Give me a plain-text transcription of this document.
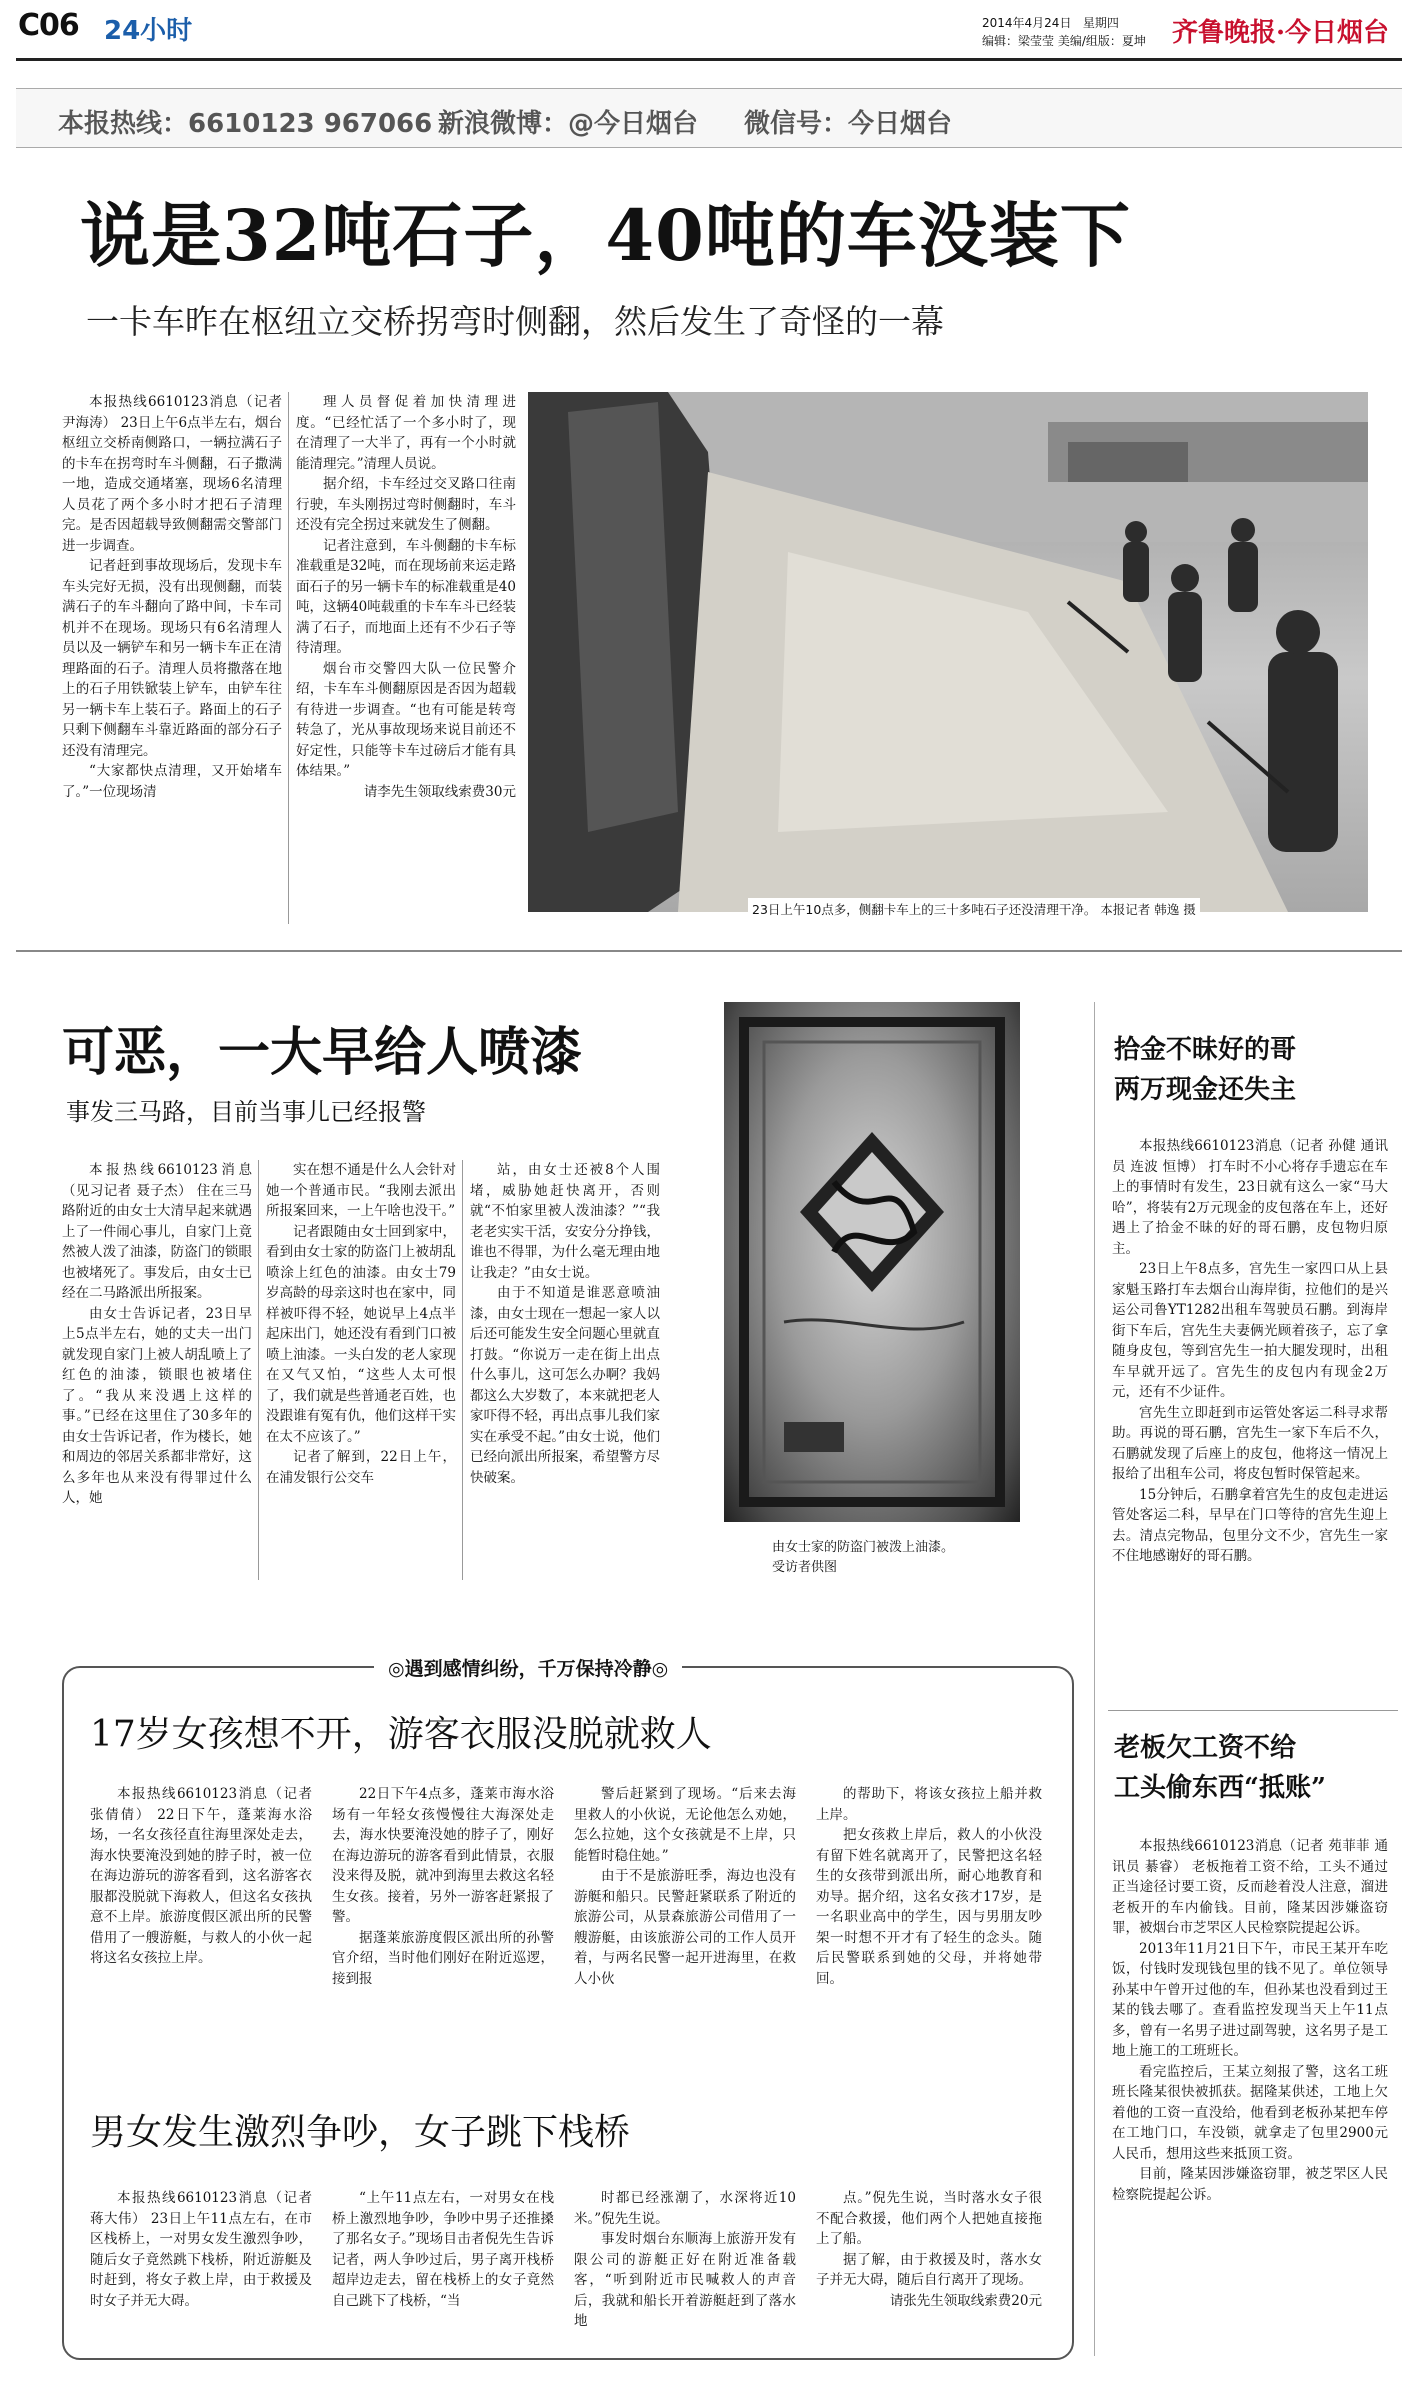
C06 24小时	2014年4月24日 星期四
编辑：梁莹莹 美编/组版：夏坤 齐鲁晚报·今日烟台
本报热线：6610123 967066 新浪微博：@今日烟台 微信号：今日烟台
说是32吨石子，40吨的车没装下
一卡车昨在枢纽立交桥拐弯时侧翻，然后发生了奇怪的一幕

本报热线6610123消息（记者 尹海涛） 23日上午6点半左右，烟台枢纽立交桥南侧路口，一辆拉满石子的卡车在拐弯时车斗侧翻，石子撒满一地，造成交通堵塞，现场6名清理人员花了两个多小时才把石子清理完。是否因超载导致侧翻需交警部门进一步调查。

记者赶到事故现场后，发现卡车车头完好无损，没有出现侧翻，而装满石子的车斗翻向了路中间，卡车司机并不在现场。现场只有6名清理人员以及一辆铲车和另一辆卡车正在清理路面的石子。清理人员将撒落在地上的石子用铁锨装上铲车，由铲车往另一辆卡车上装石子。路面上的石子只剩下侧翻车斗靠近路面的部分石子还没有清理完。

“大家都快点清理，又开始堵车了。”一位现场清

理人员督促着加快清理进度。“已经忙活了一个多小时了，现在清理了一大半了，再有一个小时就能清理完。”清理人员说。

据介绍，卡车经过交叉路口往南行驶，车头刚拐过弯时侧翻时，车斗还没有完全拐过来就发生了侧翻。

记者注意到，车斗侧翻的卡车标准载重是32吨，而在现场前来运走路面石子的另一辆卡车的标准载重是40吨，这辆40吨载重的卡车车斗已经装满了石子，而地面上还有不少石子等待清理。

烟台市交警四大队一位民警介绍，卡车车斗侧翻原因是否因为超载有待进一步调查。“也有可能是转弯转急了，光从事故现场来说目前还不好定性，只能等卡车过磅后才能有具体结果。”

请李先生领取线索费30元

23日上午10点多，侧翻卡车上的三十多吨石子还没清理干净。 本报记者 韩逸 摄
可恶，一大早给人喷漆
事发三马路，目前当事儿已经报警

本报热线6610123消息（见习记者 聂子杰） 住在三马路附近的由女士大清早起来就遇上了一件闹心事儿，自家门上竟然被人泼了油漆，防盗门的锁眼也被堵死了。事发后，由女士已经在二马路派出所报案。

由女士告诉记者，23日早上5点半左右，她的丈夫一出门就发现自家门上被人胡乱喷上了红色的油漆，锁眼也被堵住了。“我从来没遇上这样的事。”已经在这里住了30多年的由女士告诉记者，作为楼长，她和周边的邻居关系都非常好，这么多年也从来没有得罪过什么人，她

实在想不通是什么人会针对她一个普通市民。“我刚去派出所报案回来，一上午啥也没干。”

记者跟随由女士回到家中，看到由女士家的防盗门上被胡乱喷涂上红色的油漆。由女士79岁高龄的母亲这时也在家中，同样被吓得不轻，她说早上4点半起床出门，她还没有看到门口被喷上油漆。一头白发的老人家现在又气又怕，“这些人太可恨了，我们就是些普通老百姓，也没跟谁有冤有仇，他们这样干实在太不应该了。”

记者了解到，22日上午，在浦发银行公交车

站，由女士还被8个人围堵，威胁她赶快离开，否则就“不怕家里被人泼油漆？”“我老老实实干活，安安分分挣钱，谁也不得罪，为什么毫无理由地让我走？”由女士说。

由于不知道是谁恶意喷油漆，由女士现在一想起一家人以后还可能发生安全问题心里就直打鼓。“你说万一走在街上出点什么事儿，这可怎么办啊？我妈都这么大岁数了，本来就把老人家吓得不轻，再出点事儿我们家实在承受不起。”由女士说，他们已经向派出所报案，希望警方尽快破案。

由女士家的防盗门被泼上油漆。
受访者供图
拾金不昧好的哥
两万现金还失主

本报热线6610123消息（记者 孙健 通讯员 连波 恒博） 打车时不小心将存手遗忘在车上的事情时有发生，23日就有这么一家“马大哈”，将装有2万元现金的皮包落在车上，还好遇上了拾金不昧的好的哥石鹏，皮包物归原主。

23日上午8点多，宫先生一家四口从上县家魁玉路打车去烟台山海岸街，拉他们的是兴运公司鲁YT1282出租车驾驶员石鹏。到海岸街下车后，宫先生夫妻俩光顾着孩子，忘了拿随身皮包，等到宫先生一拍大腿发现时，出租车早就开远了。宫先生的皮包内有现金2万元，还有不少证件。

宫先生立即赶到市运管处客运二科寻求帮助。再说的哥石鹏，宫先生一家下车后不久，石鹏就发现了后座上的皮包，他将这一情况上报给了出租车公司，将皮包暂时保管起来。

15分钟后，石鹏拿着宫先生的皮包走进运管处客运二科，早早在门口等待的宫先生迎上去。清点完物品，包里分文不少，宫先生一家不住地感谢好的哥石鹏。

老板欠工资不给
工头偷东西“抵账”

本报热线6610123消息（记者 苑菲菲 通讯员 綦睿） 老板拖着工资不给，工头不通过正当途径讨要工资，反而趁着没人注意，溜进老板开的车内偷钱。目前，隆某因涉嫌盗窃罪，被烟台市芝罘区人民检察院提起公诉。

2013年11月21日下午，市民王某开车吃饭，付钱时发现钱包里的钱不见了。单位领导孙某中午曾开过他的车，但孙某也没看到过王某的钱去哪了。查看监控发现当天上午11点多，曾有一名男子进过副驾驶，这名男子是工地上施工的工班班长。

看完监控后，王某立刻报了警，这名工班班长隆某很快被抓获。据隆某供述，工地上欠着他的工资一直没给，他看到老板孙某把车停在工地门口，车没锁，就拿走了包里2900元人民币，想用这些来抵顶工资。

目前，隆某因涉嫌盗窃罪，被芝罘区人民检察院提起公诉。

◎遇到感情纠纷，千万保持冷静◎
17岁女孩想不开，游客衣服没脱就救人

本报热线6610123消息（记者 张倩倩） 22日下午，蓬莱海水浴场，一名女孩径直往海里深处走去，海水快要淹没到她的脖子时，被一位在海边游玩的游客看到，这名游客衣服都没脱就下海救人，但这名女孩执意不上岸。旅游度假区派出所的民警借用了一艘游艇，与救人的小伙一起将这名女孩拉上岸。

22日下午4点多，蓬莱市海水浴场有一年轻女孩慢慢往大海深处走去，海水快要淹没她的脖子了，刚好在海边游玩的游客看到此情景，衣服没来得及脱，就冲到海里去救这名轻生女孩。接着，另外一游客赶紧报了警。

据蓬莱旅游度假区派出所的孙警官介绍，当时他们刚好在附近巡逻，接到报

警后赶紧到了现场。“后来去海里救人的小伙说，无论他怎么劝她，怎么拉她，这个女孩就是不上岸，只能暂时稳住她。”

由于不是旅游旺季，海边也没有游艇和船只。民警赶紧联系了附近的旅游公司，从景森旅游公司借用了一艘游艇，由该旅游公司的工作人员开着，与两名民警一起开进海里，在救人小伙

的帮助下，将该女孩拉上船并救上岸。

把女孩救上岸后，救人的小伙没有留下姓名就离开了，民警把这名轻生的女孩带到派出所，耐心地教育和劝导。据介绍，这名女孩才17岁，是一名职业高中的学生，因与男朋友吵架一时想不开才有了轻生的念头。随后民警联系到她的父母，并将她带回。

男女发生激烈争吵，女子跳下栈桥

本报热线6610123消息（记者 蒋大伟） 23日上午11点左右，在市区栈桥上，一对男女发生激烈争吵，随后女子竟然跳下栈桥，附近游艇及时赶到，将女子救上岸，由于救援及时女子并无大碍。

“上午11点左右，一对男女在栈桥上激烈地争吵，争吵中男子还推搡了那名女子。”现场目击者倪先生告诉记者，两人争吵过后，男子离开栈桥超岸边走去，留在栈桥上的女子竟然自己跳下了栈桥，“当

时都已经涨潮了，水深将近10米。”倪先生说。

事发时烟台东顺海上旅游开发有限公司的游艇正好在附近准备载客，“听到附近市民喊救人的声音后，我就和船长开着游艇赶到了落水地

点。”倪先生说，当时落水女子很不配合救援，他们两个人把她直接拖上了船。

据了解，由于救援及时，落水女子并无大碍，随后自行离开了现场。

请张先生领取线索费20元
